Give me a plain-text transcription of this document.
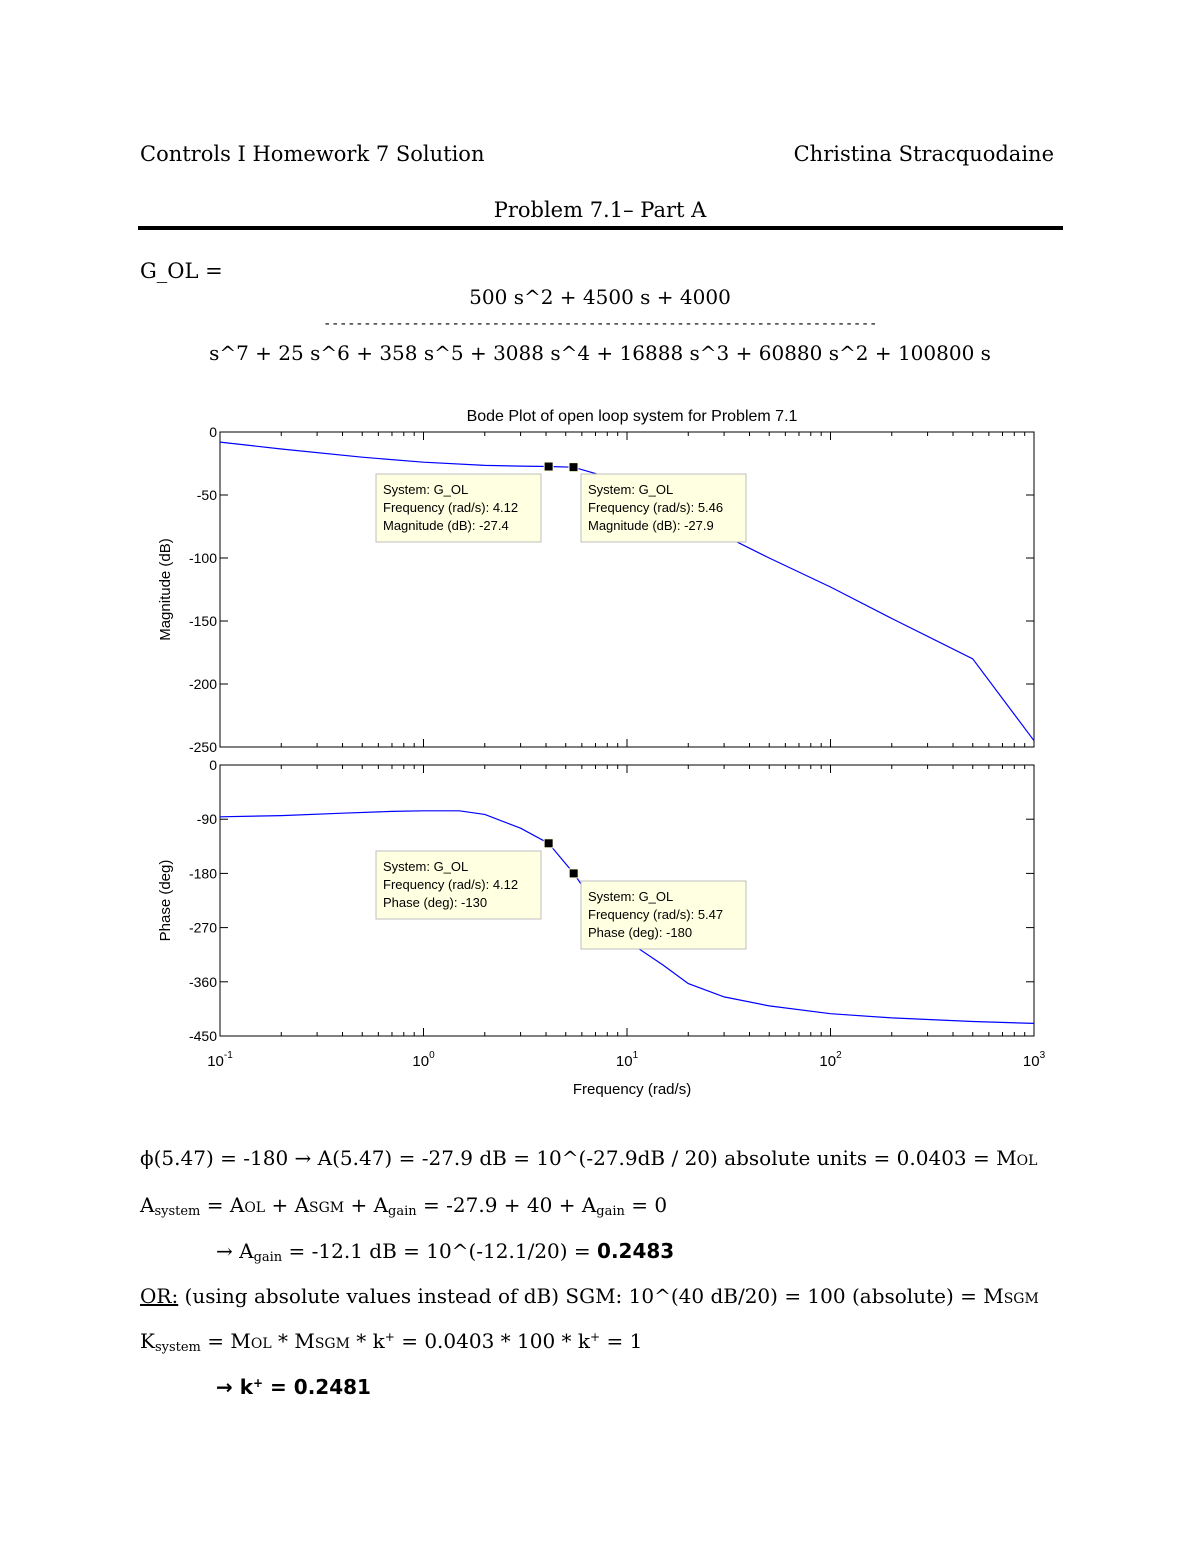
Controls I Homework 7 Solution	Christina Stracquodaine
Problem 7.1– Part A
G_OL =
500 s^2 + 4500 s + 4000
---------------------------------------------------------------------
s^7 + 25 s^6 + 358 s^5 + 3088 s^4 + 16888 s^3 + 60880 s^2 + 100800 s
Bode Plot of open loop system for Problem 7.1
0
-50
-100
-150
-200
-250
Magnitude (dB)
System: G_OL
Frequency (rad/s): 4.12
Magnitude (dB): -27.4
System: G_OL
Frequency (rad/s): 5.46
Magnitude (dB): -27.9
0
-90
-180
-270
-360
-450
Phase (deg)	System: G_OL
Frequency (rad/s): 4.12
Phase (deg): -130	System: G_OL
Frequency (rad/s): 5.47
Phase (deg): -180
$10^{-1}$	$10^0$	$10^1$	$10^2$	$10^3$
Frequency (rad/s)
ϕ(5.47) = -180 → A(5.47) = -27.9 dB = 10^(-27.9dB / 20) absolute units = 0.0403 = MOL
$A_{system}$ = AOL + ASGM + $A_{gain} = -27.9 + 40 + A_{gain} = 0$
→ $A_{gain} = -12.1$ dB = 10^(-12.1/20) = 0.2483
OR: (using absolute values instead of dB) SGM: 10^(40 dB/20) = 100 (absolute) = MSGM
$K_{system}$ = MOL * MSGM * k+ = 0.0403 * 100 * k+ = 1
→ k+ = 0.2481
